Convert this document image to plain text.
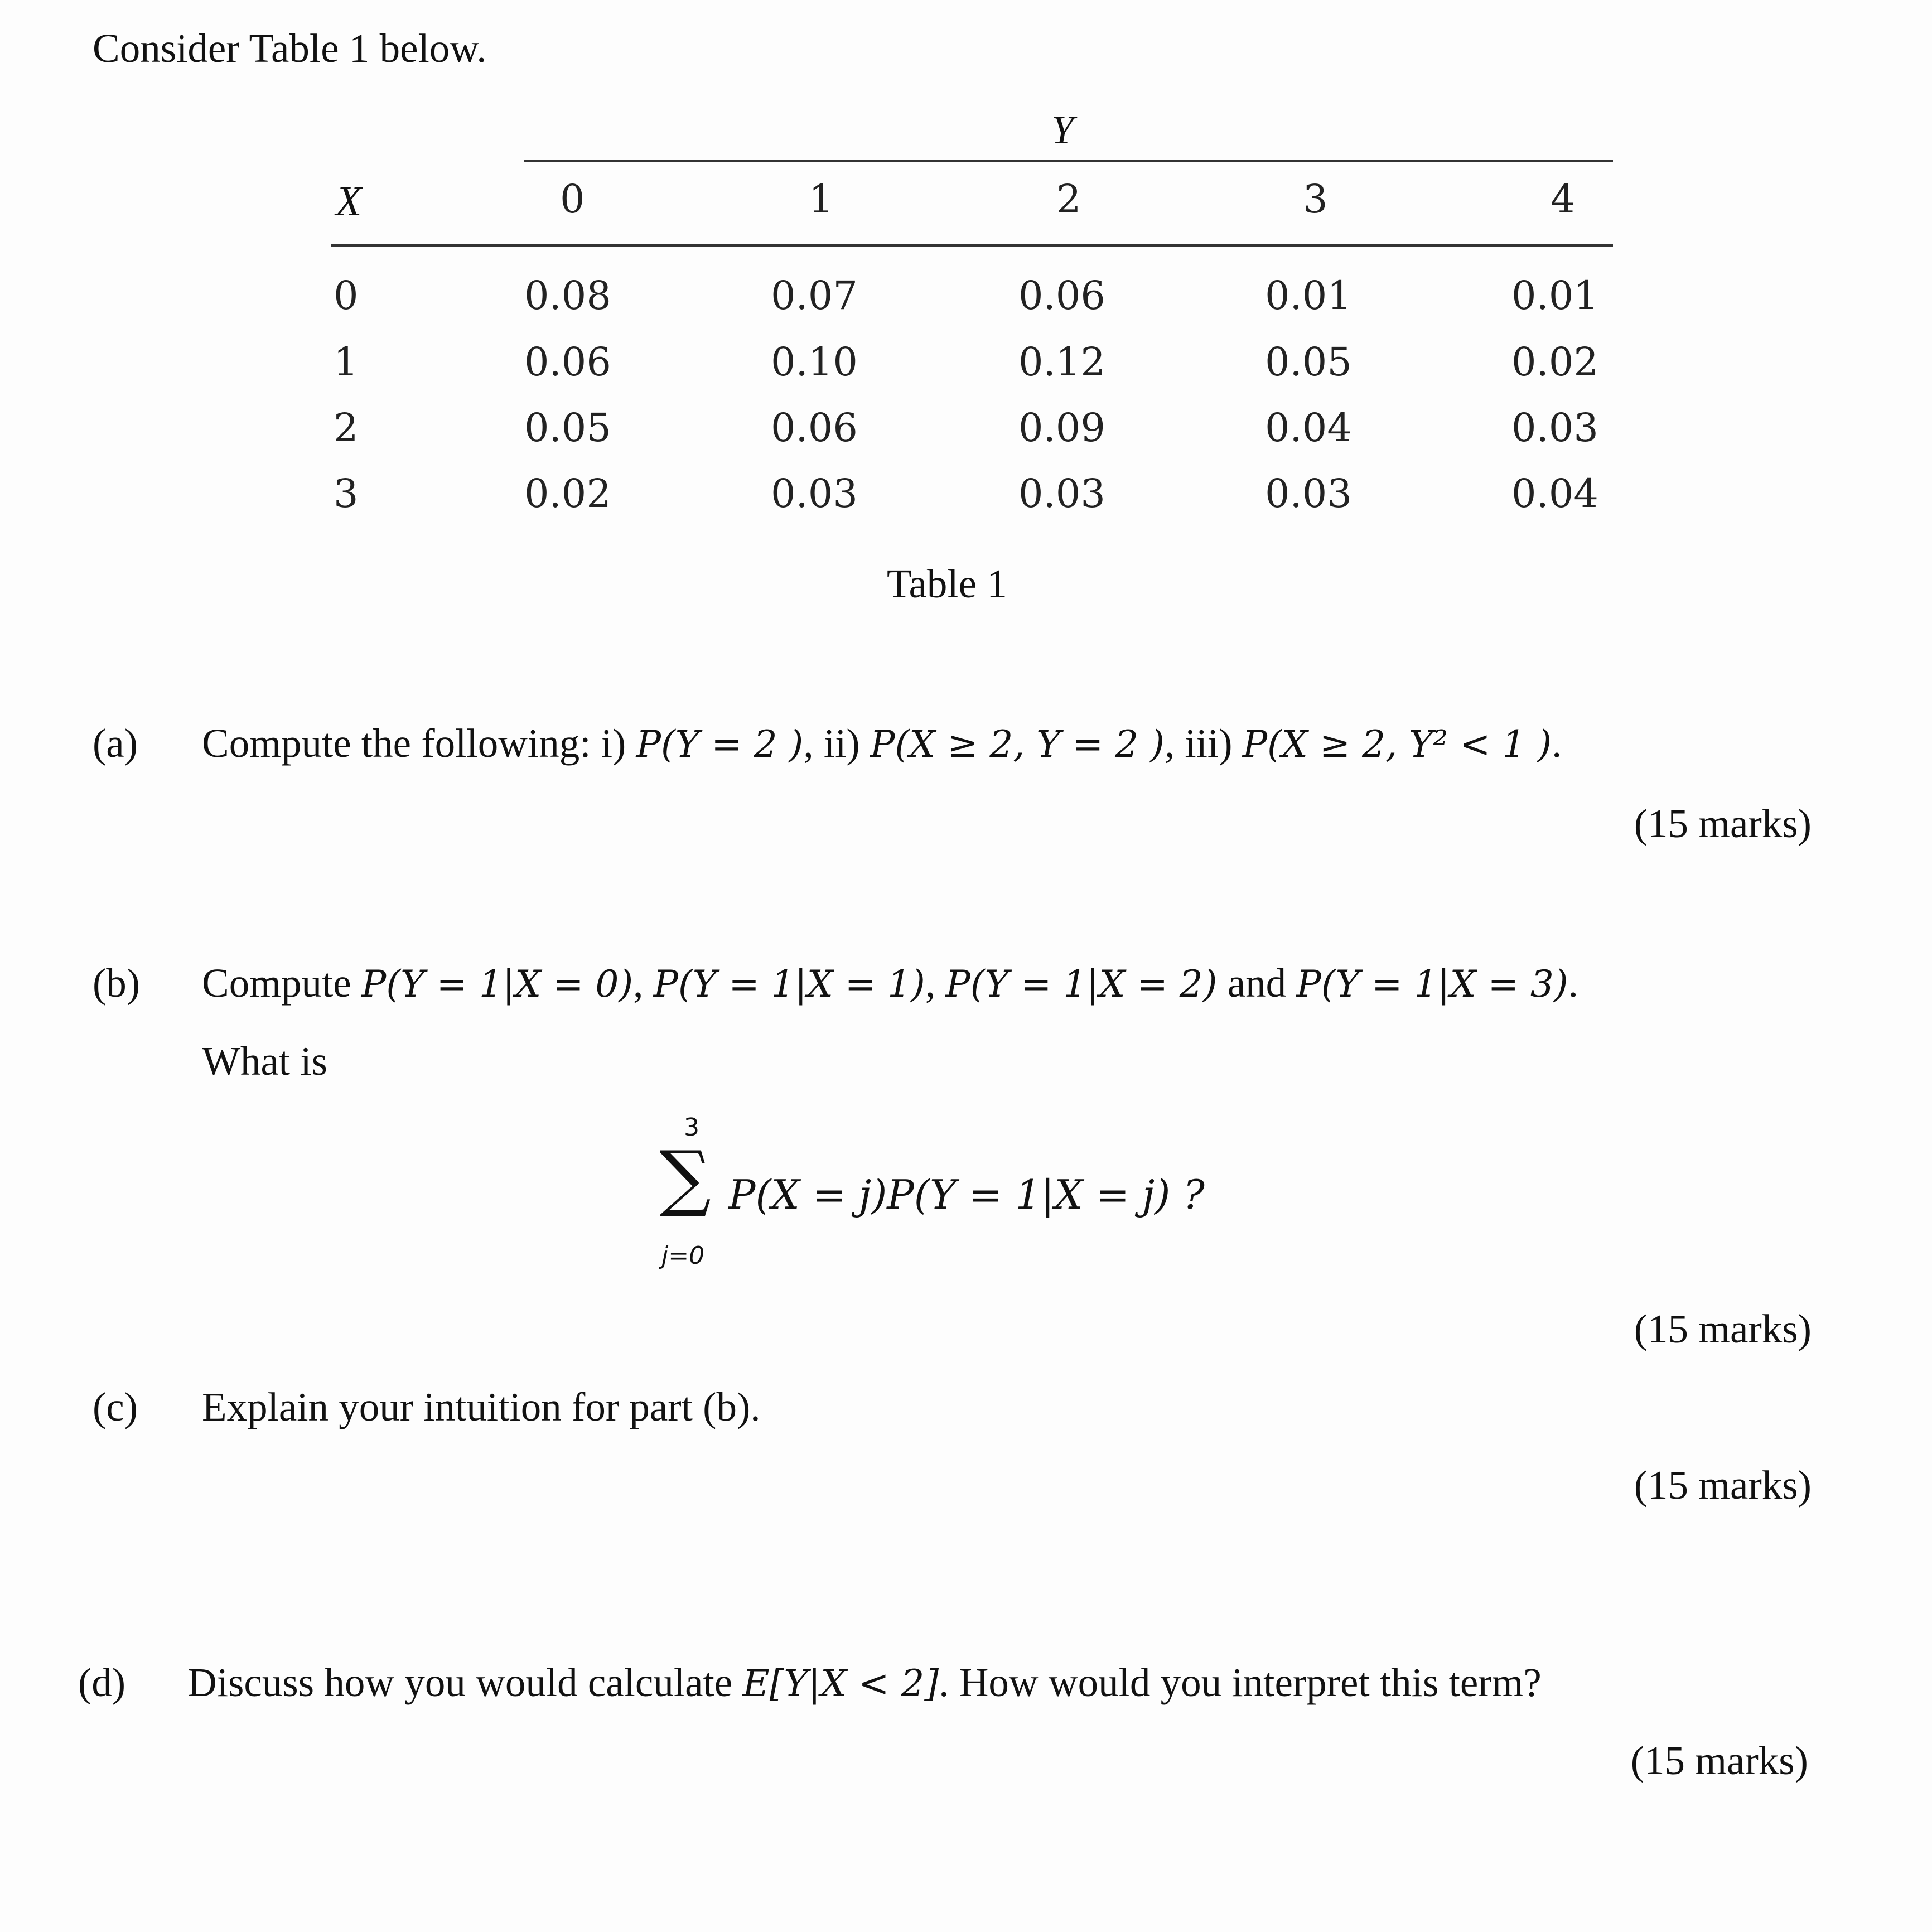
Consider Table 1 below.
Y
X	0	1	2	3	4
0	0.08	0.07	0.06	0.01	0.01
1	0.06	0.10	0.12	0.05	0.02
2	0.05	0.06	0.09	0.04	0.03
3	0.02	0.03	0.03	0.03	0.04
Table 1
(a) Compute the following: i) P(Y = 2 ), ii) P(X ≥ 2, Y = 2 ), iii) P(X ≥ 2, Y² < 1 ).
(15 marks)
(b) Compute P(Y = 1|X = 0), P(Y = 1|X = 1), P(Y = 1|X = 2) and P(Y = 1|X = 3).
What is
3
∑
j=0
P(X = j)P(Y = 1|X = j) ?
(15 marks)
(c) Explain your intuition for part (b).
(15 marks)
(d) Discuss how you would calculate E[Y|X < 2]. How would you interpret this term?
(15 marks)
